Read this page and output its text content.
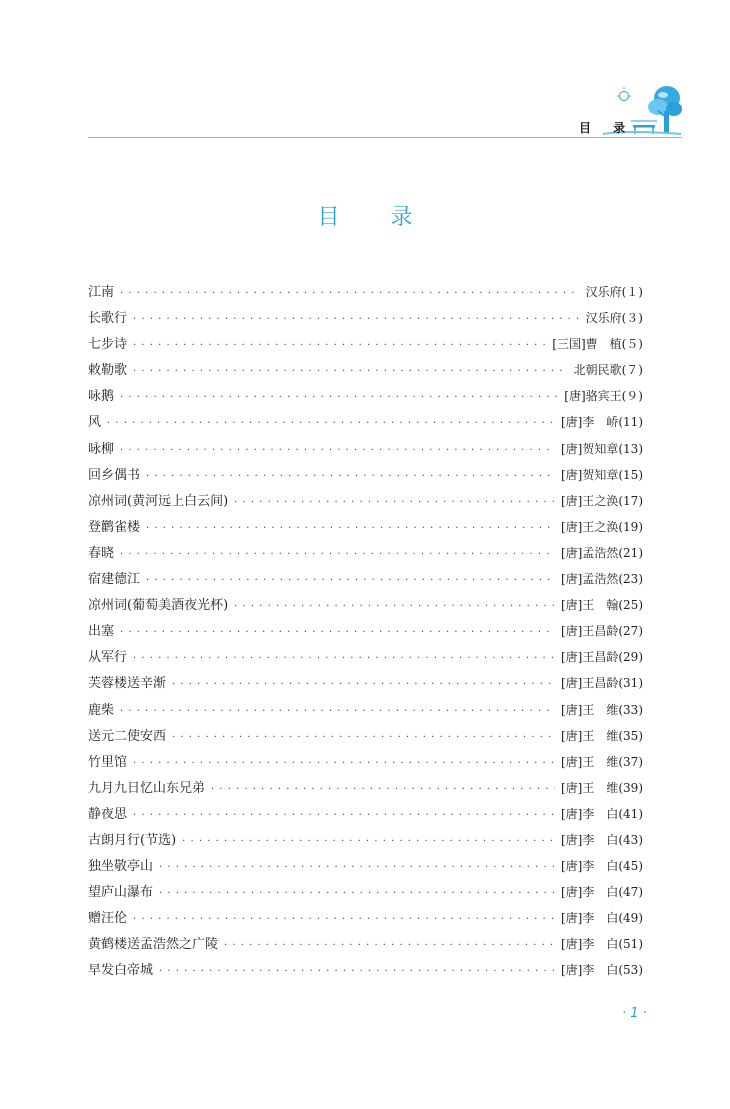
目 录
目 录
江南 · · ·	汉乐府(１)
长歌行 · · ·	汉乐府(３)
七步诗 · · ·	[三国]曹　植(５)
敕勒歌 · · ·	北朝民歌(７)
咏鹅 · · ·	[唐]骆宾王(９)
风 · · ·	[唐]李　峤(11)
咏柳 · · ·	[唐]贺知章(13)
回乡偶书 · · ·	[唐]贺知章(15)
凉州词(黄河远上白云间) · · ·	[唐]王之涣(17)
登鹳雀楼 · · ·	[唐]王之涣(19)
春晓 · · ·	[唐]孟浩然(21)
宿建德江 · · ·	[唐]孟浩然(23)
凉州词(葡萄美酒夜光杯) · · ·	[唐]王　翰(25)
出塞 · · ·	[唐]王昌龄(27)
从军行 · · ·	[唐]王昌龄(29)
芙蓉楼送辛渐 · · ·	[唐]王昌龄(31)
鹿柴 · · ·	[唐]王　维(33)
送元二使安西 · · ·	[唐]王　维(35)
竹里馆 · · ·	[唐]王　维(37)
九月九日忆山东兄弟 · · ·	[唐]王　维(39)
静夜思 · · ·	[唐]李　白(41)
古朗月行(节选) · · ·	[唐]李　白(43)
独坐敬亭山 · · ·	[唐]李　白(45)
望庐山瀑布 · · ·	[唐]李　白(47)
赠汪伦 · · ·	[唐]李　白(49)
黄鹤楼送孟浩然之广陵 · · ·	[唐]李　白(51)
早发白帝城 · · ·	[唐]李　白(53)
· 1 ·
